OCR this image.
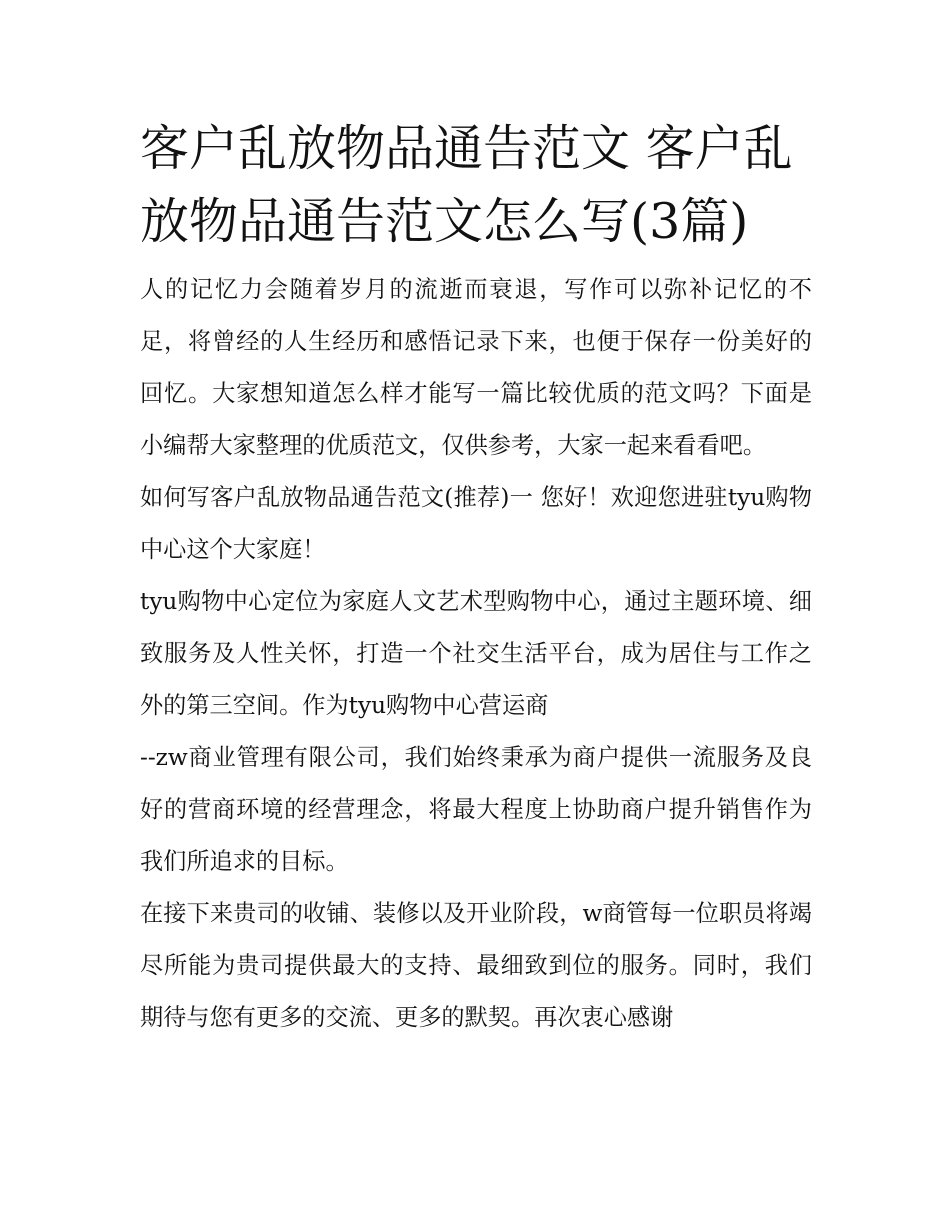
客户乱放物品通告范文 客户乱放物品通告范文怎么写(3篇)

人的记忆力会随着岁月的流逝而衰退，写作可以弥补记忆的不足，将曾经的人生经历和感悟记录下来，也便于保存一份美好的回忆。大家想知道怎么样才能写一篇比较优质的范文吗？下面是小编帮大家整理的优质范文，仅供参考，大家一起来看看吧。

如何写客户乱放物品通告范文(推荐)一 您好！欢迎您进驻tyu购物中心这个大家庭！

tyu购物中心定位为家庭人文艺术型购物中心，通过主题环境、细致服务及人性关怀，打造一个社交生活平台，成为居住与工作之外的第三空间。作为tyu购物中心营运商

--zw商业管理有限公司，我们始终秉承为商户提供一流服务及良好的营商环境的经营理念，将最大程度上协助商户提升销售作为我们所追求的目标。

在接下来贵司的收铺、装修以及开业阶段，w商管每一位职员将竭尽所能为贵司提供最大的支持、最细致到位的服务。同时，我们期待与您有更多的交流、更多的默契。再次衷心感谢
